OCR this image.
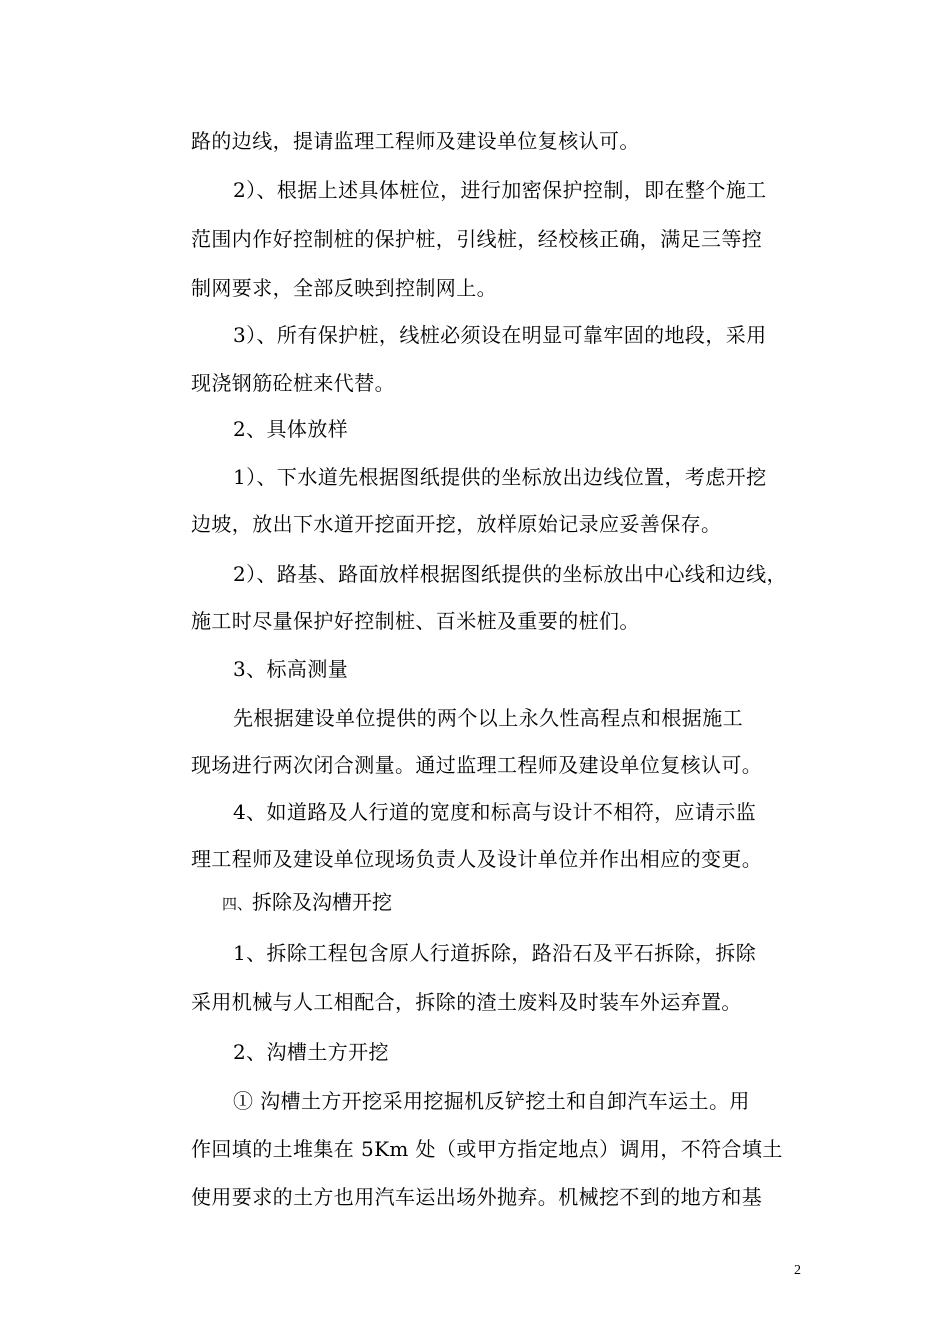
路的边线，提请监理工程师及建设单位复核认可。
2）、根据上述具体桩位，进行加密保护控制，即在整个施工
范围内作好控制桩的保护桩，引线桩，经校核正确，满足三等控
制网要求，全部反映到控制网上。
3）、所有保护桩，线桩必须设在明显可靠牢固的地段，采用
现浇钢筋砼桩来代替。
2、具体放样
1）、下水道先根据图纸提供的坐标放出边线位置，考虑开挖
边坡，放出下水道开挖面开挖，放样原始记录应妥善保存。
2）、路基、路面放样根据图纸提供的坐标放出中心线和边线，
施工时尽量保护好控制桩、百米桩及重要的桩们。
3、标高测量
先根据建设单位提供的两个以上永久性高程点和根据施工
现场进行两次闭合测量。通过监理工程师及建设单位复核认可。
4、如道路及人行道的宽度和标高与设计不相符，应请示监
理工程师及建设单位现场负责人及设计单位并作出相应的变更。
四、拆除及沟槽开挖
1、拆除工程包含原人行道拆除，路沿石及平石拆除，拆除
采用机械与人工相配合，拆除的渣土废料及时装车外运弃置。
2、沟槽土方开挖
① 沟槽土方开挖采用挖掘机反铲挖土和自卸汽车运土。用
作回填的土堆集在 5Km 处（或甲方指定地点）调用，不符合填土
使用要求的土方也用汽车运出场外抛弃。机械挖不到的地方和基
2
